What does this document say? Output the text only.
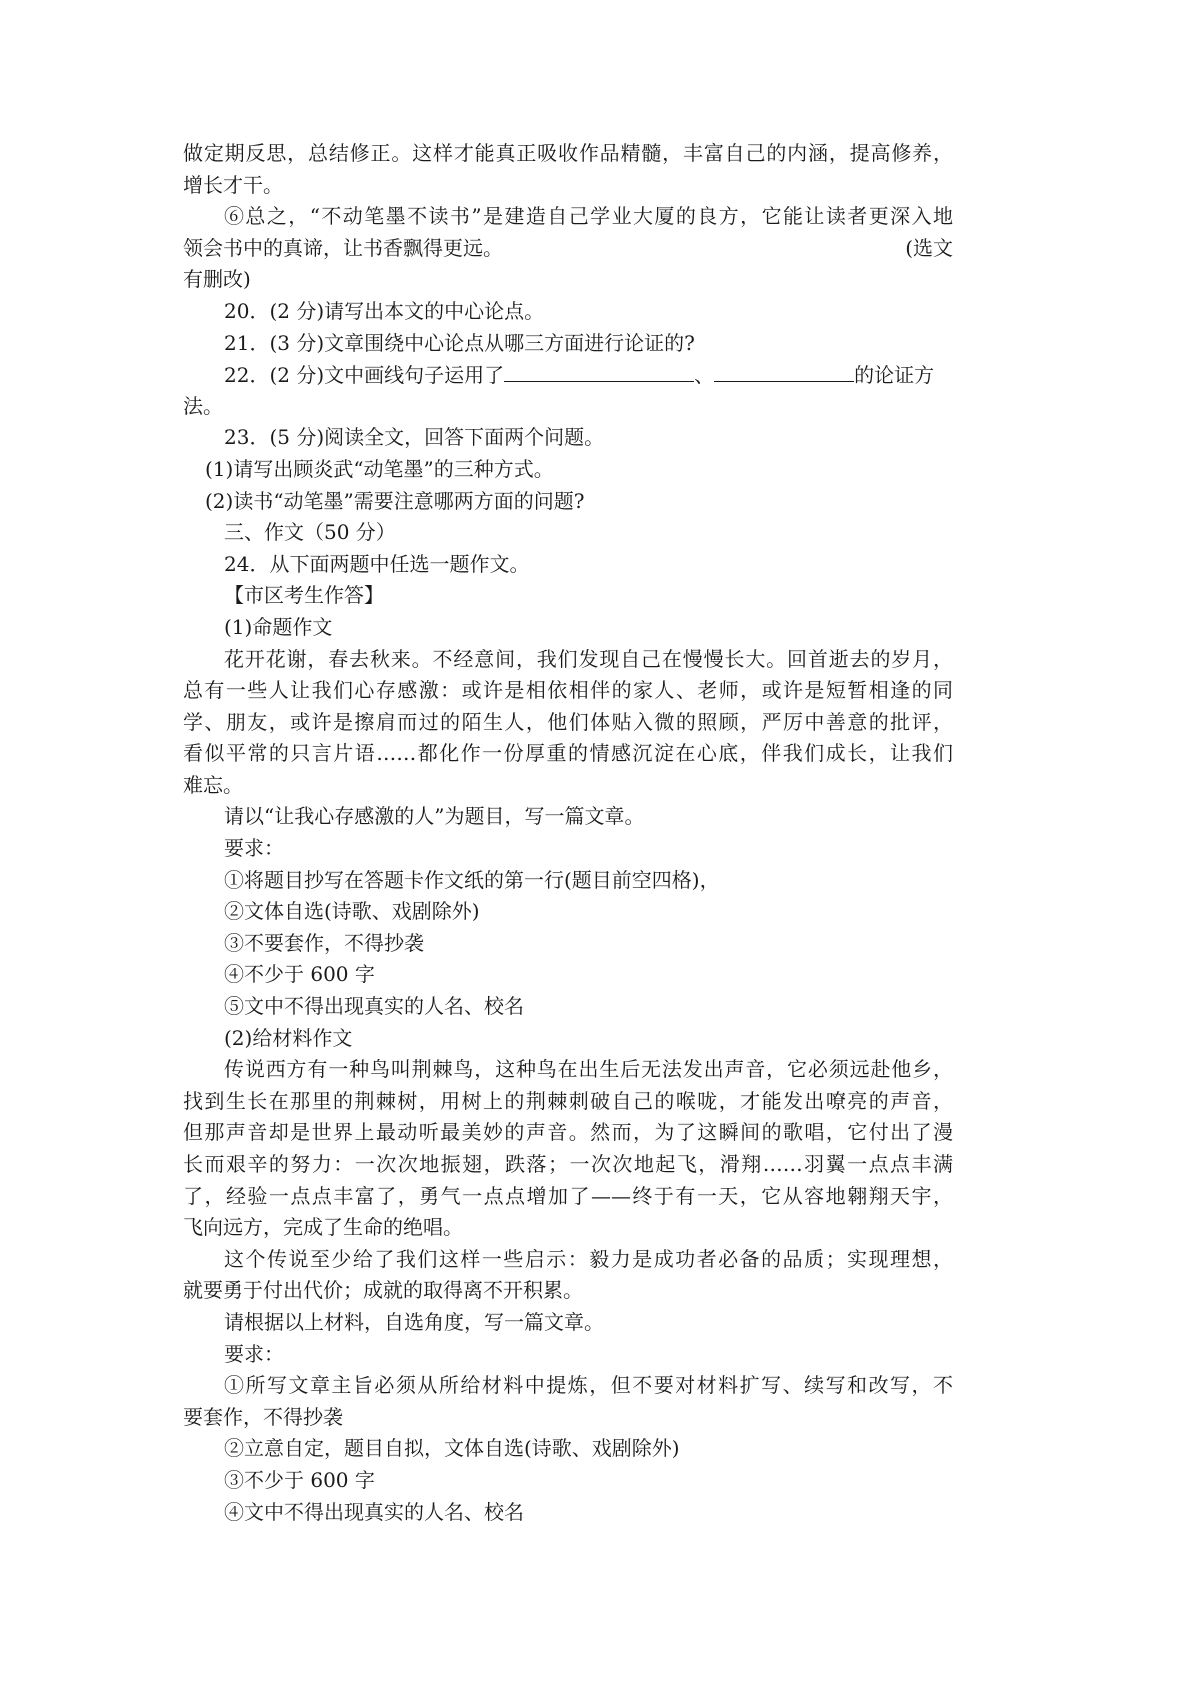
做定期反思，总结修正。这样才能真正吸收作品精髓，丰富自己的内涵，提高修养，
增长才干。
⑥总之，“不动笔墨不读书”是建造自己学业大厦的良方，它能让读者更深入地
领会书中的真谛，让书香飘得更远。	(选文
有删改)
20．(2 分)请写出本文的中心论点。
21．(3 分)文章围绕中心论点从哪三方面进行论证的?
22．(2 分)文中画线句子运用了	、	的论证方
法。
23．(5 分)阅读全文，回答下面两个问题。
(1)请写出顾炎武“动笔墨”的三种方式。
(2)读书“动笔墨”需要注意哪两方面的问题?
三、作文（50 分）
24．从下面两题中任选一题作文。
【市区考生作答】
(1)命题作文
花开花谢，春去秋来。不经意间，我们发现自己在慢慢长大。回首逝去的岁月，
总有一些人让我们心存感激：或许是相依相伴的家人、老师，或许是短暂相逢的同
学、朋友，或许是擦肩而过的陌生人，他们体贴入微的照顾，严厉中善意的批评，
看似平常的只言片语……都化作一份厚重的情感沉淀在心底，伴我们成长，让我们
难忘。
请以“让我心存感激的人”为题目，写一篇文章。
要求：
①将题目抄写在答题卡作文纸的第一行(题目前空四格)，
②文体自选(诗歌、戏剧除外)
③不要套作，不得抄袭
④不少于 600 字
⑤文中不得出现真实的人名、校名
(2)给材料作文
传说西方有一种鸟叫荆棘鸟，这种鸟在出生后无法发出声音，它必须远赴他乡，
找到生长在那里的荆棘树，用树上的荆棘刺破自己的喉咙，才能发出嘹亮的声音，
但那声音却是世界上最动听最美妙的声音。然而，为了这瞬间的歌唱，它付出了漫
长而艰辛的努力：一次次地振翅，跌落；一次次地起飞，滑翔……羽翼一点点丰满
了，经验一点点丰富了，勇气一点点增加了——终于有一天，它从容地翱翔天宇，
飞向远方，完成了生命的绝唱。
这个传说至少给了我们这样一些启示：毅力是成功者必备的品质；实现理想，
就要勇于付出代价；成就的取得离不开积累。
请根据以上材料，自选角度，写一篇文章。
要求：
①所写文章主旨必须从所给材料中提炼，但不要对材料扩写、续写和改写，不
要套作，不得抄袭
②立意自定，题目自拟，文体自选(诗歌、戏剧除外)
③不少于 600 字
④文中不得出现真实的人名、校名
